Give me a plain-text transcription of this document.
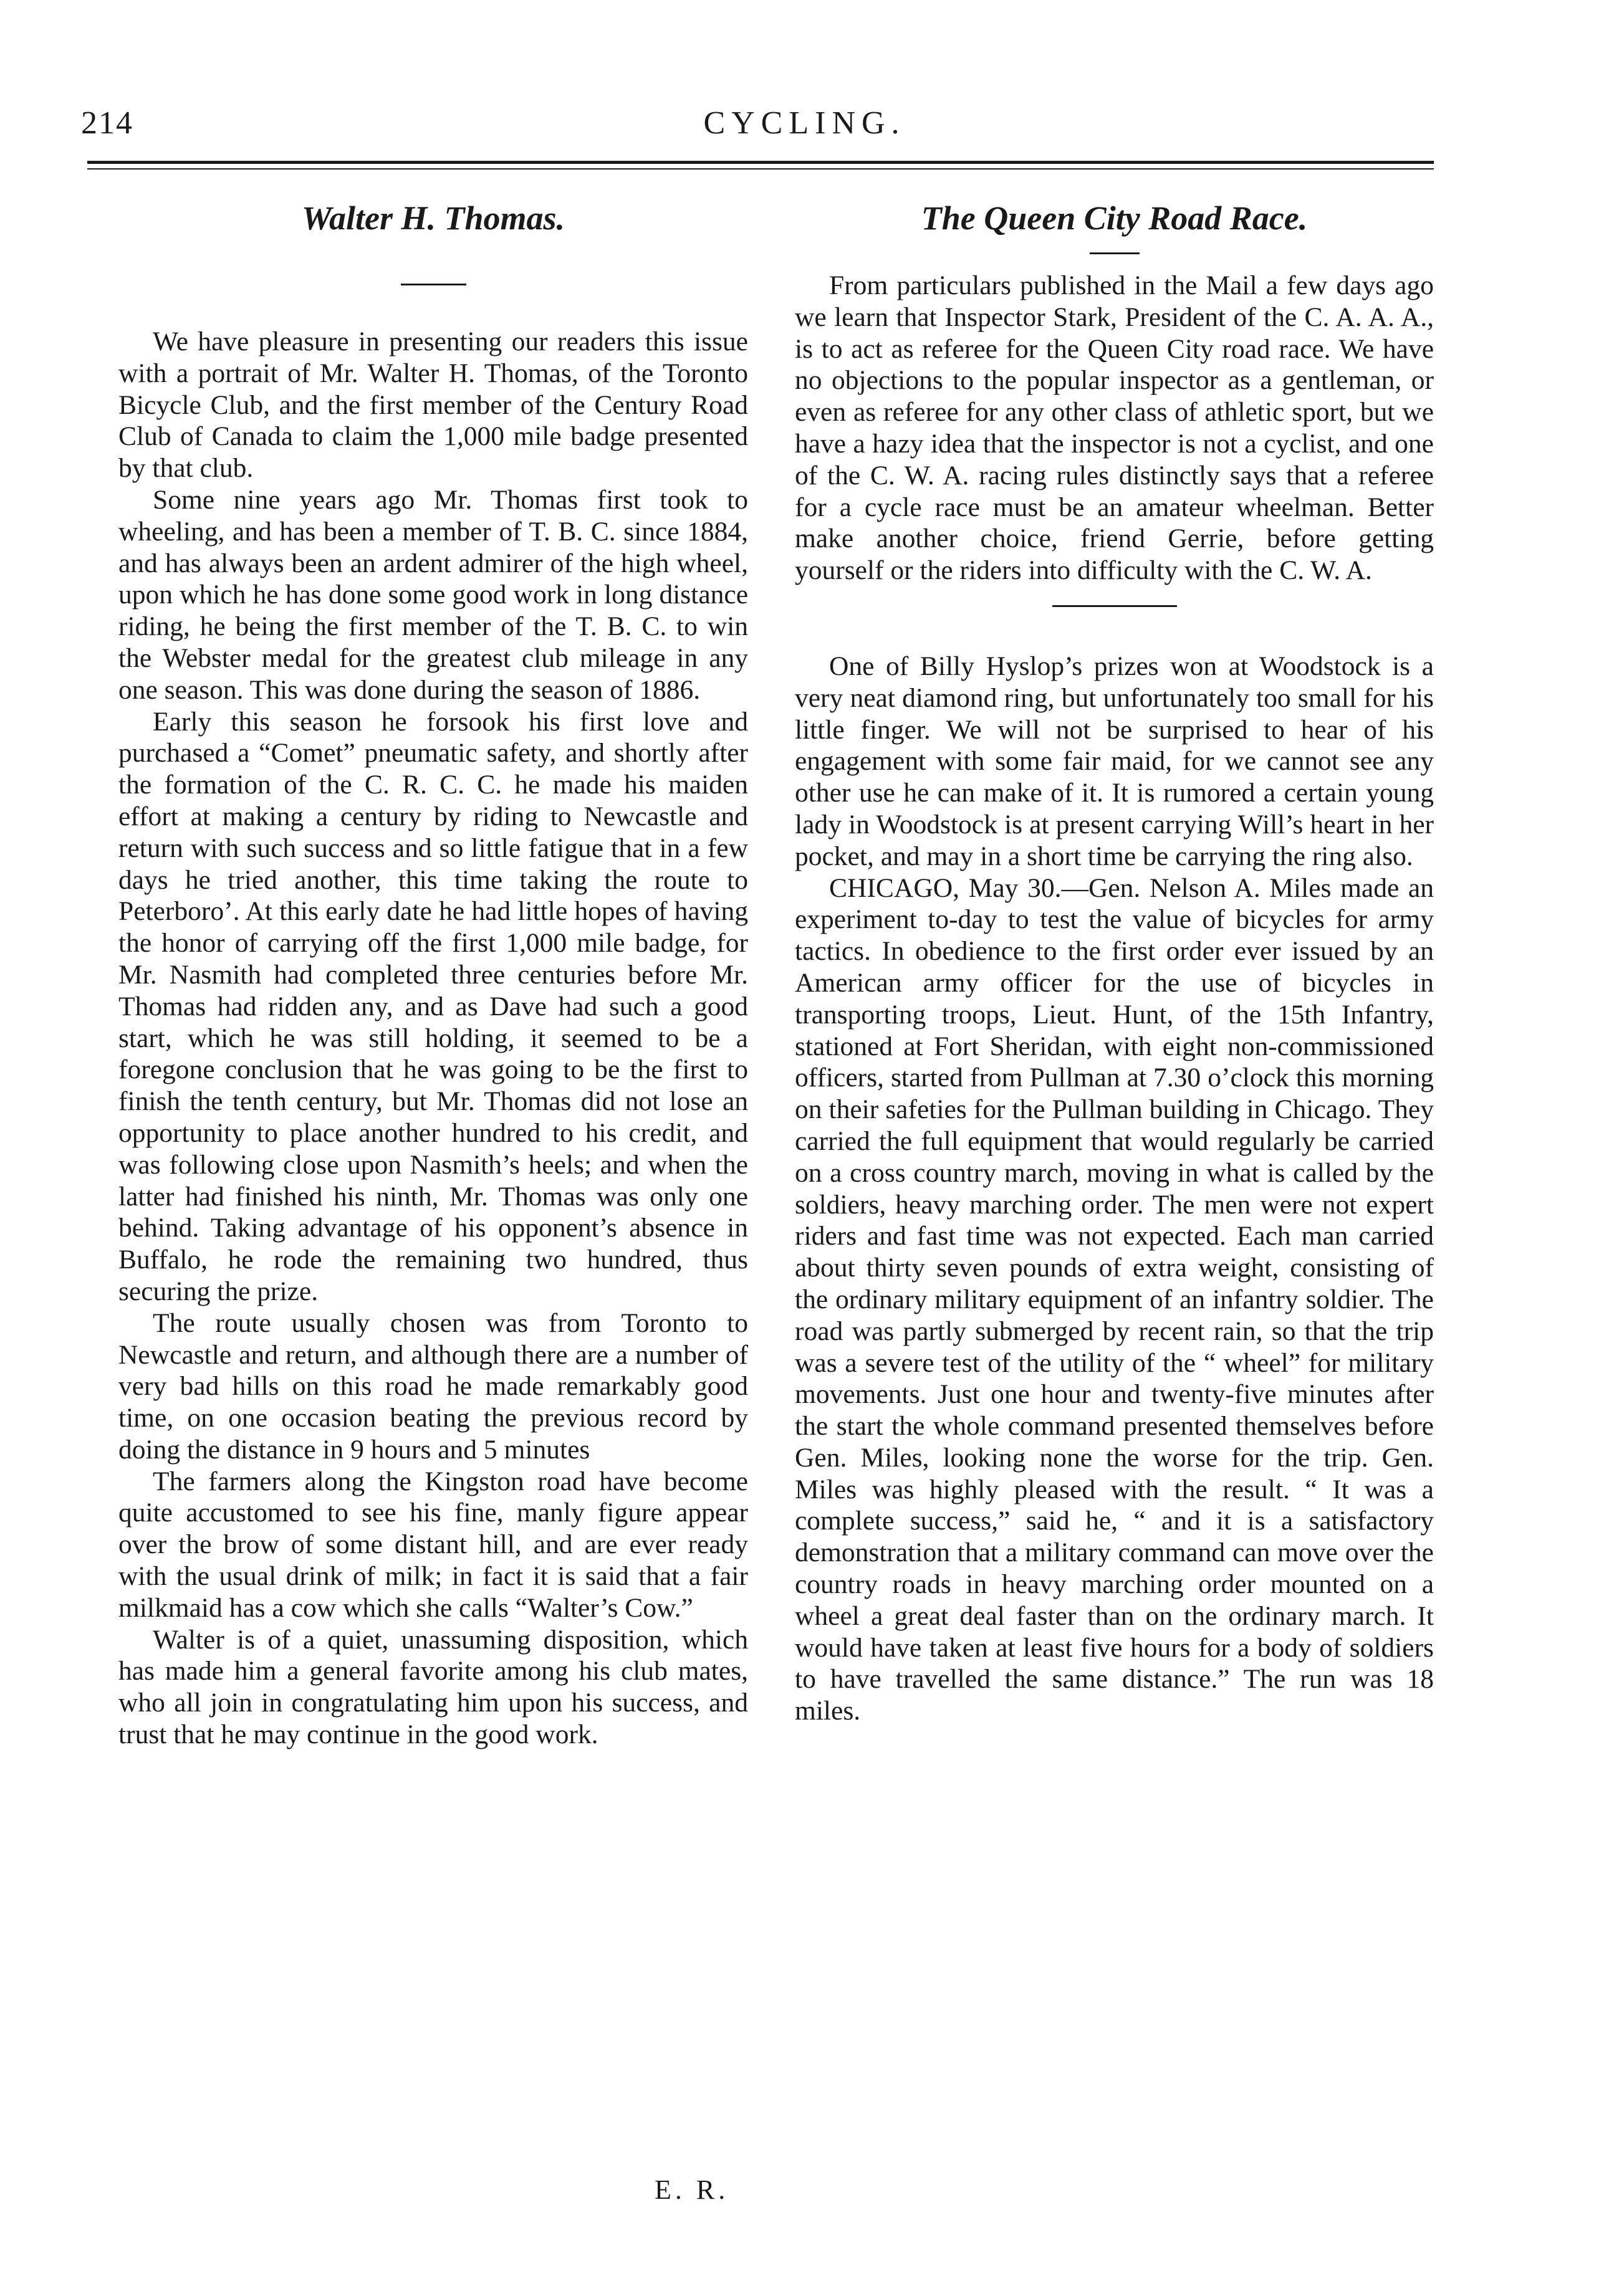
214	CYCLING.
Walter H. Thomas.

We have pleasure in presenting our readers this issue with a portrait of Mr. Walter H. Thomas, of the Toronto Bicycle Club, and the first member of the Century Road Club of Canada to claim the 1,000 mile badge presented by that club.

Some nine years ago Mr. Thomas first took to wheeling, and has been a member of T. B. C. since 1884, and has always been an ardent admirer of the high wheel, upon which he has done some good work in long distance riding, he being the first member of the T. B. C. to win the Webster medal for the greatest club mileage in any one season. This was done during the season of 1886.

Early this season he forsook his first love and purchased a “Comet” pneumatic safety, and shortly after the formation of the C. R. C. C. he made his maiden effort at making a century by riding to Newcastle and return with such success and so little fatigue that in a few days he tried another, this time taking the route to Peterboro’. At this early date he had little hopes of having the honor of carrying off the first 1,000 mile badge, for Mr. Nasmith had completed three centuries before Mr. Thomas had ridden any, and as Dave had such a good start, which he was still holding, it seemed to be a foregone conclusion that he was going to be the first to finish the tenth century, but Mr. Thomas did not lose an opportunity to place another hundred to his credit, and was following close upon Nasmith’s heels; and when the latter had finished his ninth, Mr. Thomas was only one behind. Taking advantage of his opponent’s absence in Buffalo, he rode the remaining two hundred, thus securing the prize.

The route usually chosen was from Toronto to Newcastle and return, and although there are a number of very bad hills on this road he made remarkably good time, on one occasion beating the previous record by doing the distance in 9 hours and 5 minutes

The farmers along the Kingston road have become quite accustomed to see his fine, manly figure appear over the brow of some distant hill, and are ever ready with the usual drink of milk; in fact it is said that a fair milkmaid has a cow which she calls “Walter’s Cow.”

Walter is of a quiet, unassuming disposition, which has made him a general favorite among his club mates, who all join in congratulating him upon his success, and trust that he may continue in the good work.

E. R.
The Queen City Road Race.

From particulars published in the Mail a few days ago we learn that Inspector Stark, President of the C. A. A. A., is to act as referee for the Queen City road race. We have no objections to the popular inspector as a gentleman, or even as referee for any other class of athletic sport, but we have a hazy idea that the inspector is not a cyclist, and one of the C. W. A. racing rules distinctly says that a referee for a cycle race must be an amateur wheelman. Better make another choice, friend Gerrie, before getting yourself or the riders into difficulty with the C. W. A.

One of Billy Hyslop’s prizes won at Woodstock is a very neat diamond ring, but unfortunately too small for his little finger. We will not be surprised to hear of his engagement with some fair maid, for we cannot see any other use he can make of it. It is rumored a certain young lady in Woodstock is at present carrying Will’s heart in her pocket, and may in a short time be carrying the ring also.

CHICAGO, May 30.—Gen. Nelson A. Miles made an experiment to-day to test the value of bicycles for army tactics. In obedience to the first order ever issued by an American army officer for the use of bicycles in transporting troops, Lieut. Hunt, of the 15th Infantry, stationed at Fort Sheridan, with eight non-commissioned officers, started from Pullman at 7.30 o’clock this morning on their safeties for the Pullman building in Chicago. They carried the full equipment that would regularly be carried on a cross country march, moving in what is called by the soldiers, heavy marching order. The men were not expert riders and fast time was not expected. Each man carried about thirty seven pounds of extra weight, consisting of the ordinary military equipment of an infantry soldier. The road was partly submerged by recent rain, so that the trip was a severe test of the utility of the “ wheel” for military movements. Just one hour and twenty-five minutes after the start the whole command presented themselves before Gen. Miles, looking none the worse for the trip. Gen. Miles was highly pleased with the result. “ It was a complete success,” said he, “ and it is a satisfactory demonstration that a military command can move over the country roads in heavy marching order mounted on a wheel a great deal faster than on the ordinary march. It would have taken at least five hours for a body of soldiers to have travelled the same distance.” The run was 18 miles.
